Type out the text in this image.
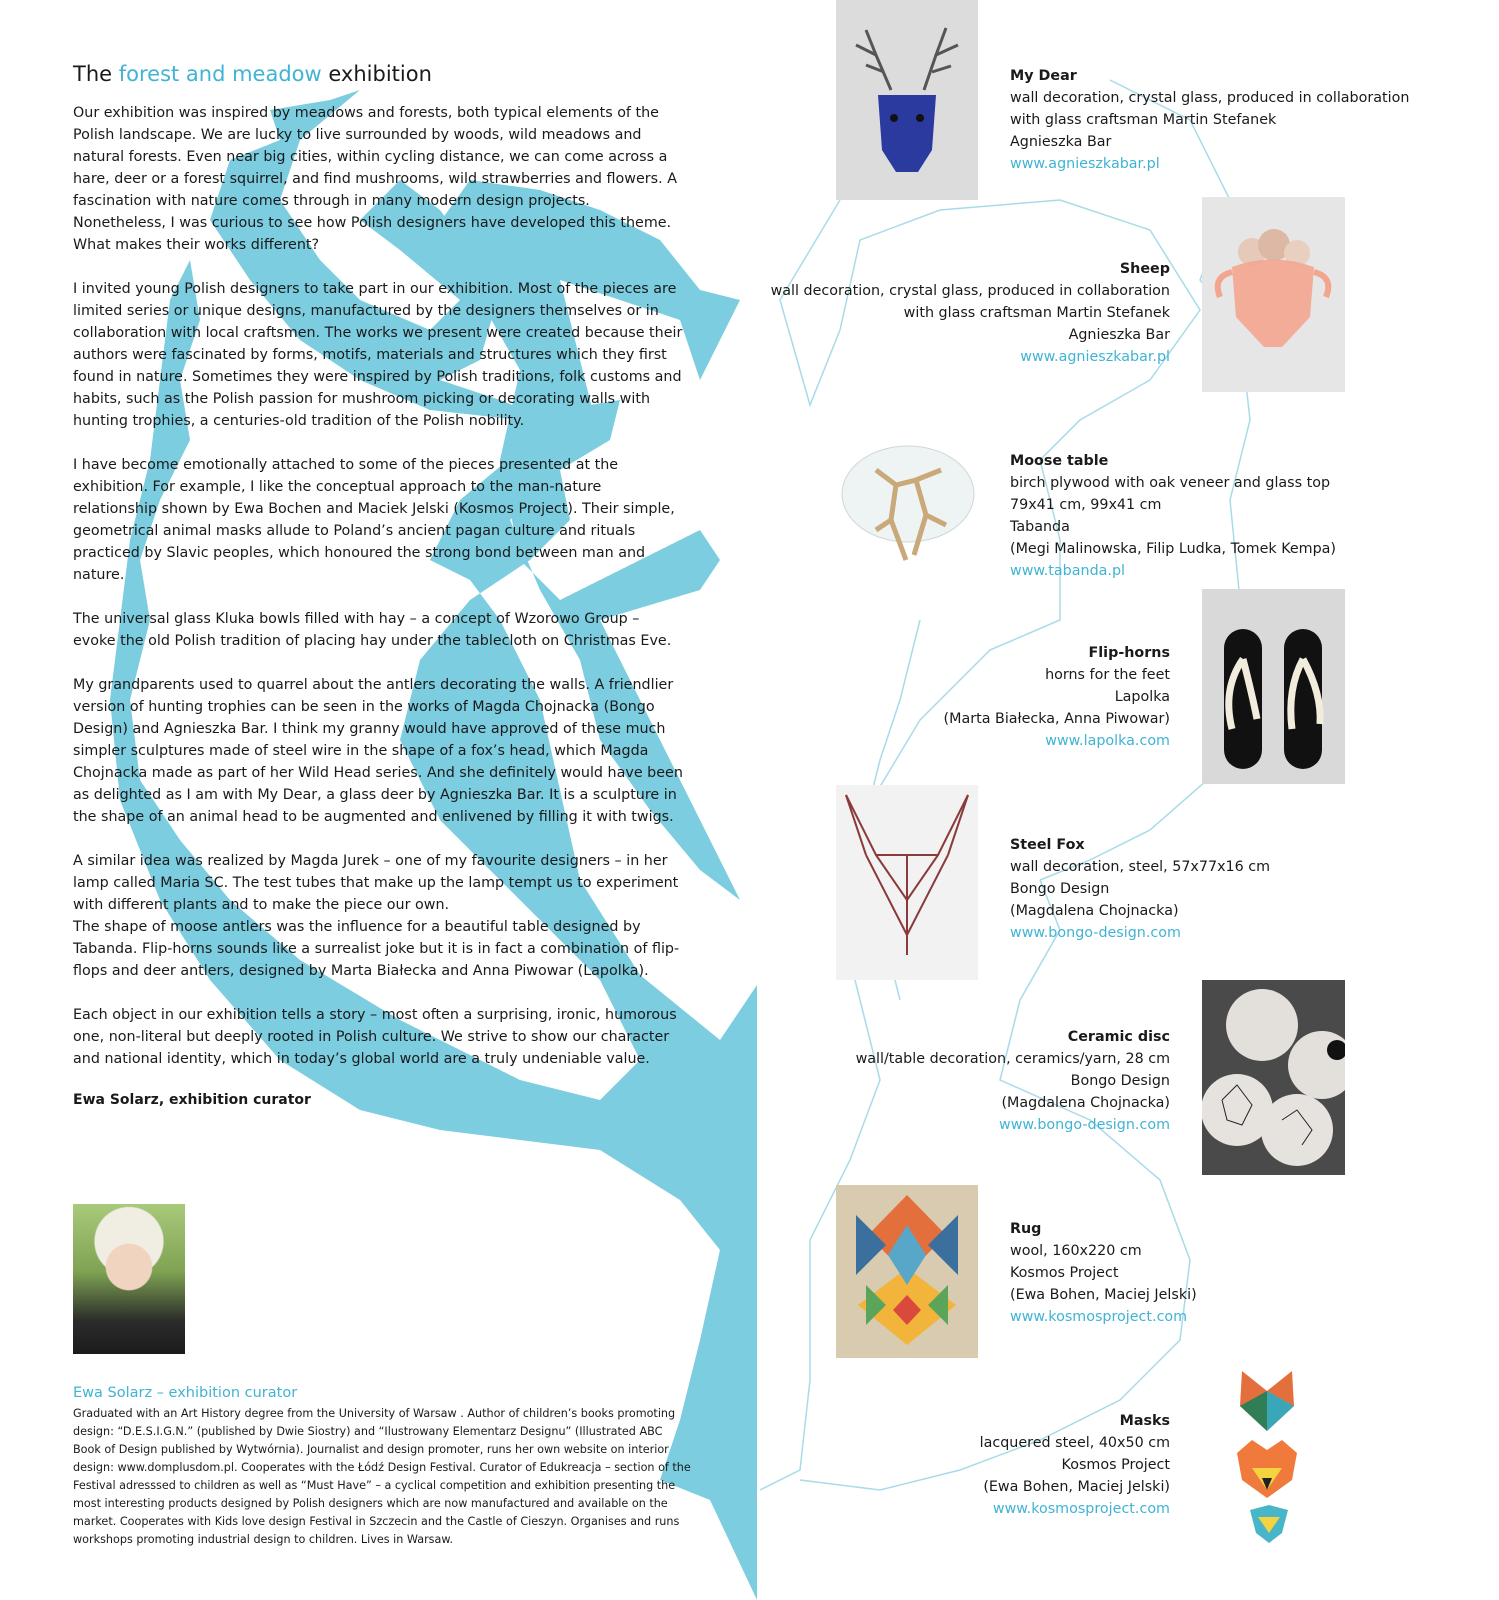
The forest and meadow exhibition

Our exhibition was inspired by meadows and forests, both typical elements of the Polish landscape. We are lucky to live surrounded by woods, wild meadows and natural forests. Even near big cities, within cycling distance, we can come across a hare, deer or a forest squirrel, and find mushrooms, wild strawberries and flowers. A fascination with nature comes through in many modern design projects. Nonetheless, I was curious to see how Polish designers have developed this theme. What makes their works different?

I invited young Polish designers to take part in our exhibition. Most of the pieces are limited series or unique designs, manufactured by the designers themselves or in collaboration with local craftsmen. The works we present were created because their authors were fascinated by forms, motifs, materials and structures which they first found in nature. Sometimes they were inspired by Polish traditions, folk customs and habits, such as the Polish passion for mushroom picking or decorating walls with hunting trophies, a centuries-old tradition of the Polish nobility.

I have become emotionally attached to some of the pieces presented at the exhibition. For example, I like the conceptual approach to the man-nature relationship shown by Ewa Bochen and Maciek Jelski (Kosmos Project). Their simple, geometrical animal masks allude to Poland’s ancient pagan culture and rituals practiced by Slavic peoples, which honoured the strong bond between man and nature.

The universal glass Kluka bowls filled with hay – a concept of Wzorowo Group – evoke the old Polish tradition of placing hay under the tablecloth on Christmas Eve.

My grandparents used to quarrel about the antlers decorating the walls. A friendlier version of hunting trophies can be seen in the works of Magda Chojnacka (Bongo Design) and Agnieszka Bar. I think my granny would have approved of these much simpler sculptures made of steel wire in the shape of a fox’s head, which Magda Chojnacka made as part of her Wild Head series. And she definitely would have been as delighted as I am with My Dear, a glass deer by Agnieszka Bar. It is a sculpture in the shape of an animal head to be augmented and enlivened by filling it with twigs.

A similar idea was realized by Magda Jurek – one of my favourite designers – in her lamp called Maria SC. The test tubes that make up the lamp tempt us to experiment with different plants and to make the piece our own.

The shape of moose antlers was the influence for a beautiful table designed by Tabanda. Flip-horns sounds like a surrealist joke but it is in fact a combination of flip-flops and deer antlers, designed by Marta Białecka and Anna Piwowar (Lapolka).

Each object in our exhibition tells a story – most often a surprising, ironic, humorous one, non-literal but deeply rooted in Polish culture. We strive to show our character and national identity, which in today’s global world are a truly undeniable value.

Ewa Solarz, exhibition curator

Ewa Solarz – exhibition curator
Graduated with an Art History degree from the University of Warsaw . Author of children’s books promoting design: “D.E.S.I.G.N.” (published by Dwie Siostry) and “Ilustrowany Elementarz Designu” (Illustrated ABC Book of Design published by Wytwórnia). Journalist and design promoter, runs her own website on interior design: www.domplusdom.pl. Cooperates with the Łódź Design Festival. Curator of Edukreacja – section of the Festival adresssed to children as well as “Must Have” – a cyclical competition and exhibition presenting the most interesting products designed by Polish designers which are now manufactured and available on the market. Cooperates with Kids love design Festival in Szczecin and the Castle of Cieszyn. Organises and runs workshops promoting industrial design to children. Lives in Warsaw.
My Dear
wall decoration, crystal glass, produced in collaboration
with glass craftsman Martin Stefanek
Agnieszka Bar
www.agnieszkabar.pl
Sheep
wall decoration, crystal glass, produced in collaboration
with glass craftsman Martin Stefanek
Agnieszka Bar
www.agnieszkabar.pl
Moose table
birch plywood with oak veneer and glass top
79x41 cm, 99x41 cm
Tabanda
(Megi Malinowska, Filip Ludka, Tomek Kempa)
www.tabanda.pl
Flip-horns
horns for the feet
Lapolka
(Marta Białecka, Anna Piwowar)
www.lapolka.com
Steel Fox
wall decoration, steel, 57x77x16 cm
Bongo Design
(Magdalena Chojnacka)
www.bongo-design.com
Ceramic disc
wall/table decoration, ceramics/yarn, 28 cm
Bongo Design
(Magdalena Chojnacka)
www.bongo-design.com
Rug
wool, 160x220 cm
Kosmos Project
(Ewa Bohen, Maciej Jelski)
www.kosmosproject.com
Masks
lacquered steel, 40x50 cm
Kosmos Project
(Ewa Bohen, Maciej Jelski)
www.kosmosproject.com
